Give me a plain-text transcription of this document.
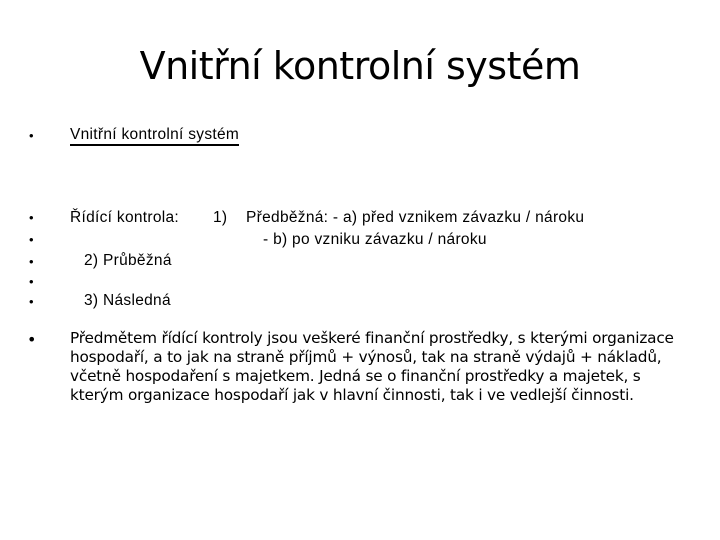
Vnitřní kontrolní systém
• Vnitřní kontrolní systém
•
•
•
•
•
Řídící kontrola: 1) Předběžná: - a) před vznikem závazku / nároku
- b) po vzniku závazku / nároku
2) Průběžná
3) Následná
• Předmětem řídící kontroly jsou veškeré finanční prostředky, s kterými organizace hospodaří, a to jak na straně příjmů + výnosů, tak na straně výdajů + nákladů, včetně hospodaření s majetkem. Jedná se o finanční prostředky a majetek, s kterým organizace hospodaří jak v hlavní činnosti, tak i ve vedlejší činnosti.
